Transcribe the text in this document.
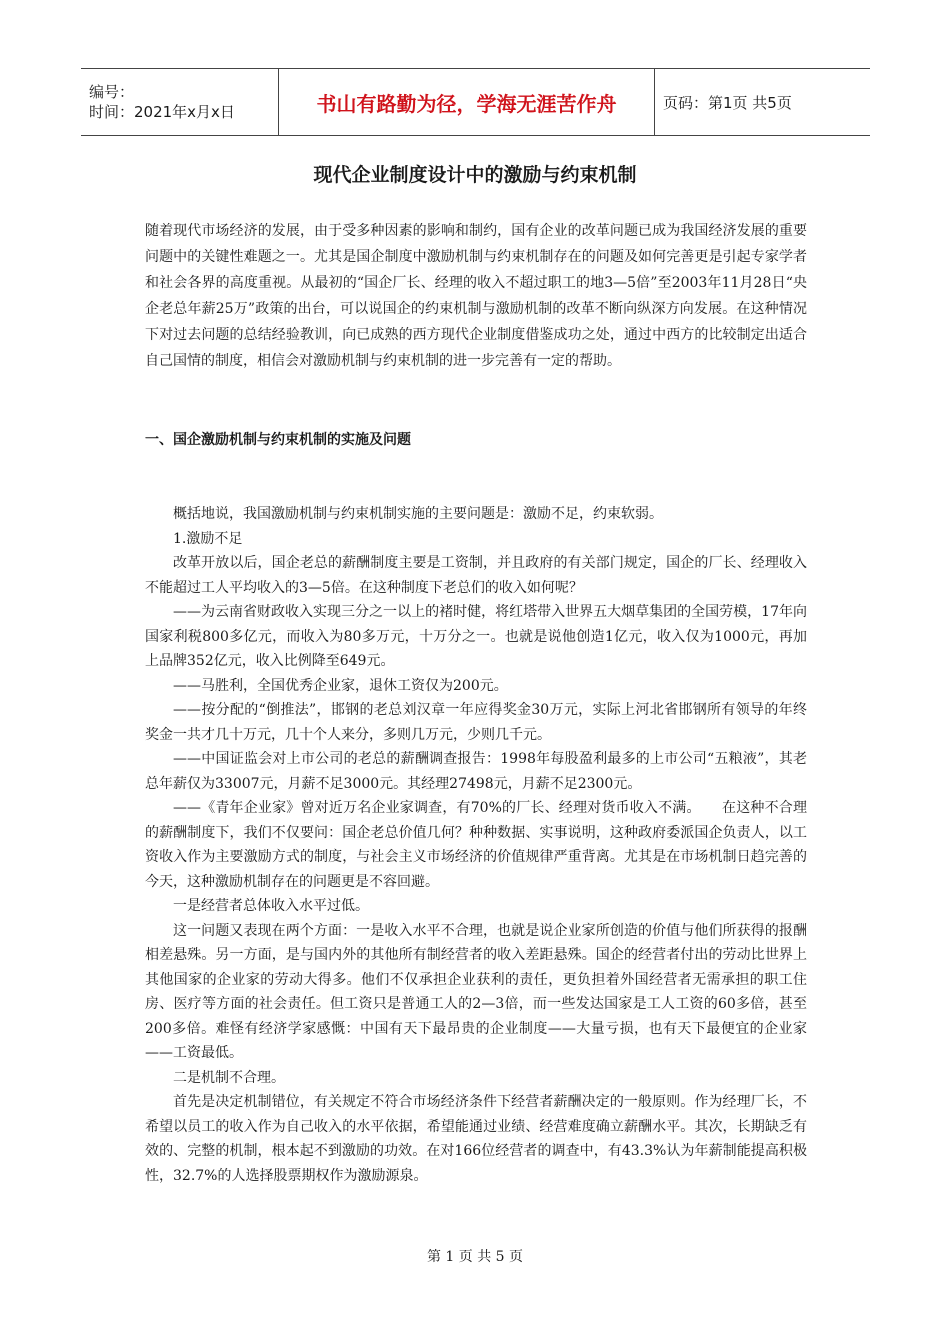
编号：
时间：2021年x月x日	书山有路勤为径，学海无涯苦作舟	页码：第1页 共5页
现代企业制度设计中的激励与约束机制

随着现代市场经济的发展，由于受多种因素的影响和制约，国有企业的改革问题已成为我国经济发展的重要问题中的关键性难题之一。尤其是国企制度中激励机制与约束机制存在的问题及如何完善更是引起专家学者和社会各界的高度重视。从最初的“国企厂长、经理的收入不超过职工的地3—5倍”至2003年11月28日“央企老总年薪25万”政策的出台，可以说国企的约束机制与激励机制的改革不断向纵深方向发展。在这种情况下对过去问题的总结经验教训，向已成熟的西方现代企业制度借鉴成功之处，通过中西方的比较制定出适合自己国情的制度，相信会对激励机制与约束机制的进一步完善有一定的帮助。

一、国企激励机制与约束机制的实施及问题

概括地说，我国激励机制与约束机制实施的主要问题是：激励不足，约束软弱。

1.激励不足

改革开放以后，国企老总的薪酬制度主要是工资制，并且政府的有关部门规定，国企的厂长、经理收入不能超过工人平均收入的3—5倍。在这种制度下老总们的收入如何呢？

——为云南省财政收入实现三分之一以上的褚时健，将红塔带入世界五大烟草集团的全国劳模，17年向国家利税800多亿元，而收入为80多万元，十万分之一。也就是说他创造1亿元，收入仅为1000元，再加上品牌352亿元，收入比例降至649元。

——马胜利，全国优秀企业家，退休工资仅为200元。

——按分配的“倒推法”，邯钢的老总刘汉章一年应得奖金30万元，实际上河北省邯钢所有领导的年终奖金一共才几十万元，几十个人来分，多则几万元，少则几千元。

——中国证监会对上市公司的老总的薪酬调查报告：1998年每股盈利最多的上市公司“五粮液”，其老总年薪仅为33007元，月薪不足3000元。其经理27498元，月薪不足2300元。

——《青年企业家》曾对近万名企业家调查，有70%的厂长、经理对货币收入不满。　　在这种不合理的薪酬制度下，我们不仅要问：国企老总价值几何？种种数据、实事说明，这种政府委派国企负责人，以工资收入作为主要激励方式的制度，与社会主义市场经济的价值规律严重背离。尤其是在市场机制日趋完善的今天，这种激励机制存在的问题更是不容回避。

一是经营者总体收入水平过低。

这一问题又表现在两个方面：一是收入水平不合理，也就是说企业家所创造的价值与他们所获得的报酬相差悬殊。另一方面，是与国内外的其他所有制经营者的收入差距悬殊。国企的经营者付出的劳动比世界上其他国家的企业家的劳动大得多。他们不仅承担企业获利的责任，更负担着外国经营者无需承担的职工住房、医疗等方面的社会责任。但工资只是普通工人的2—3倍，而一些发达国家是工人工资的60多倍，甚至200多倍。难怪有经济学家感慨：中国有天下最昂贵的企业制度——大量亏损，也有天下最便宜的企业家——工资最低。

二是机制不合理。

首先是决定机制错位，有关规定不符合市场经济条件下经营者薪酬决定的一般原则。作为经理厂长，不希望以员工的收入作为自己收入的水平依据，希望能通过业绩、经营难度确立薪酬水平。其次，长期缺乏有效的、完整的机制，根本起不到激励的功效。在对166位经营者的调查中，有43.3%认为年薪制能提高积极性，32.7%的人选择股票期权作为激励源泉。

第 1 页 共 5 页
